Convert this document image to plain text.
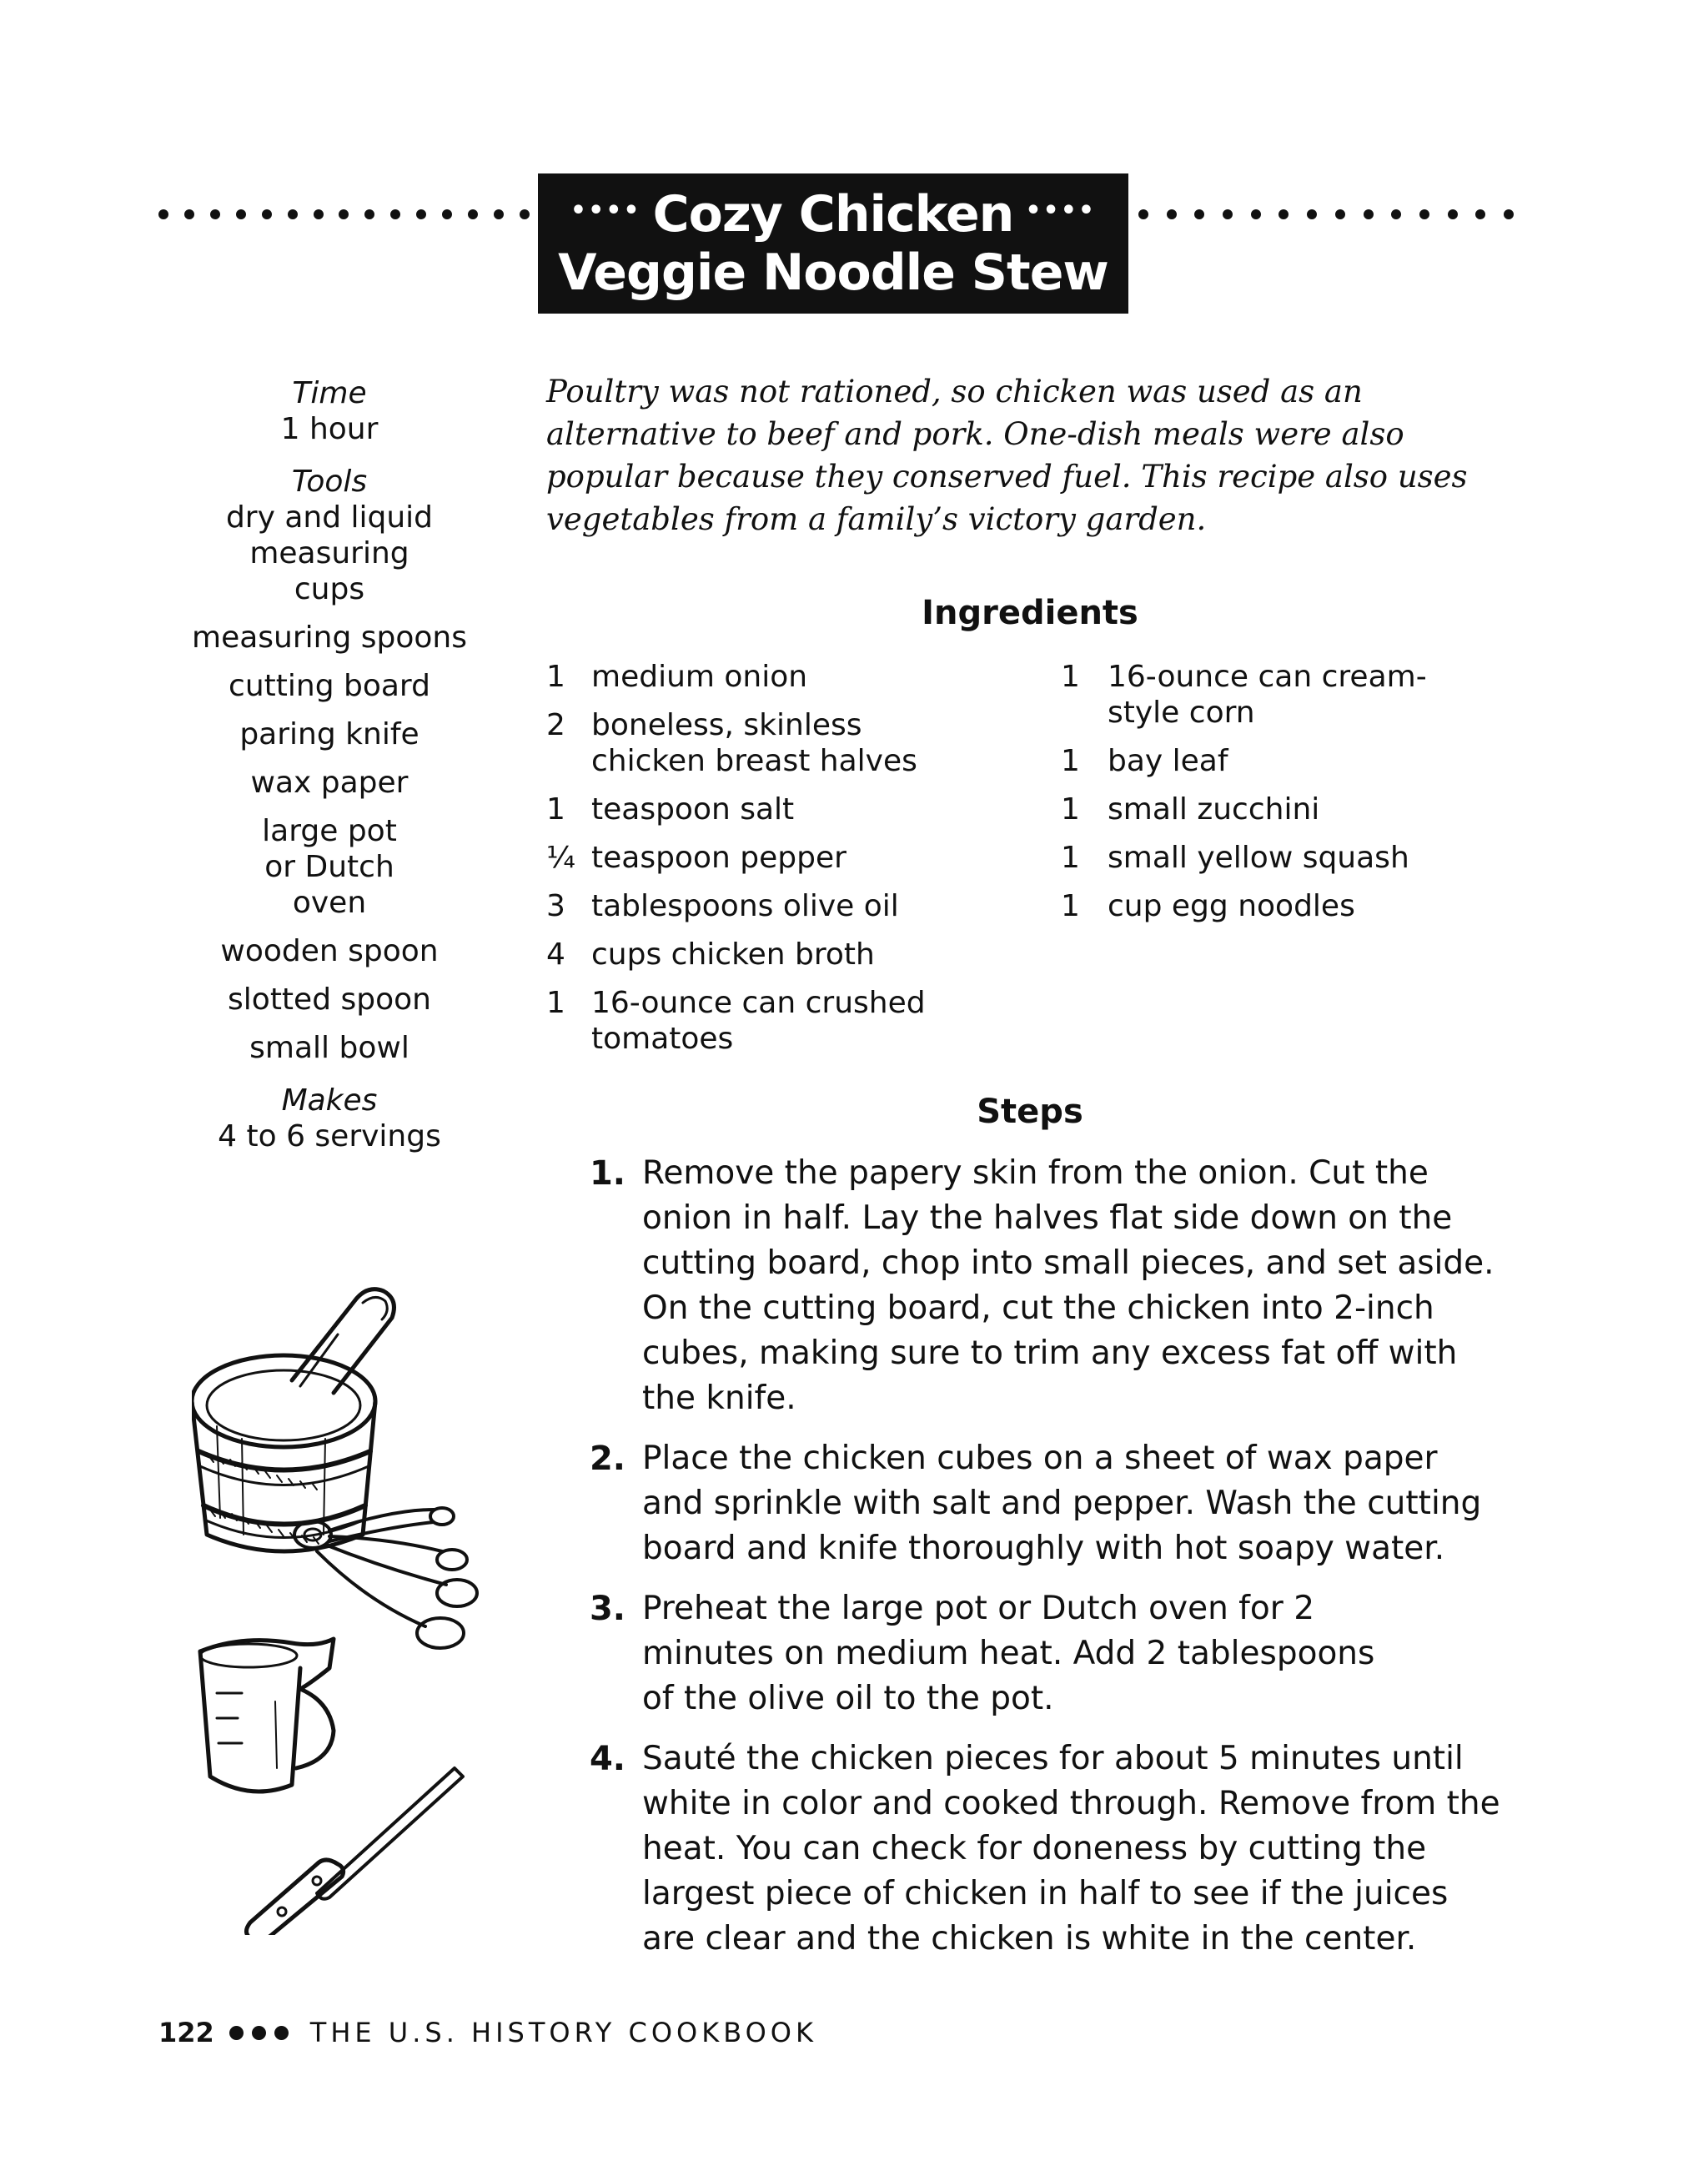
•••• Cozy Chicken ••••
Veggie Noodle Stew
Time
1 hour
Tools
dry and liquid measuring cups
measuring spoons
cutting board
paring knife
wax paper
large pot or Dutch oven
wooden spoon
slotted spoon
small bowl
Makes
4 to 6 servings
Poultry was not rationed, so chicken was used as an alternative to beef and pork. One-dish meals were also popular because they conserved fuel. This recipe also uses vegetables from a family’s victory garden.
Ingredients
1 medium onion
2 boneless, skinless chicken breast halves
1 teaspoon salt
¼ teaspoon pepper
3 tablespoons olive oil
4 cups chicken broth
1 16-ounce can crushed tomatoes
1 16-ounce can cream-style corn
1 bay leaf
1 small zucchini
1 small yellow squash
1 cup egg noodles
Steps
1. Remove the papery skin from the onion. Cut the onion in half. Lay the halves flat side down on the cutting board, chop into small pieces, and set aside. On the cutting board, cut the chicken into 2-inch cubes, making sure to trim any excess fat off with the knife.
2. Place the chicken cubes on a sheet of wax paper and sprinkle with salt and pepper. Wash the cutting board and knife thoroughly with hot soapy water.
3. Preheat the large pot or Dutch oven for 2 minutes on medium heat. Add 2 tablespoons of the olive oil to the pot.
4. Sauté the chicken pieces for about 5 minutes until white in color and cooked through. Remove from the heat. You can check for doneness by cutting the largest piece of chicken in half to see if the juices are clear and the chicken is white in the center.
122	THE U.S. HISTORY COOKBOOK
